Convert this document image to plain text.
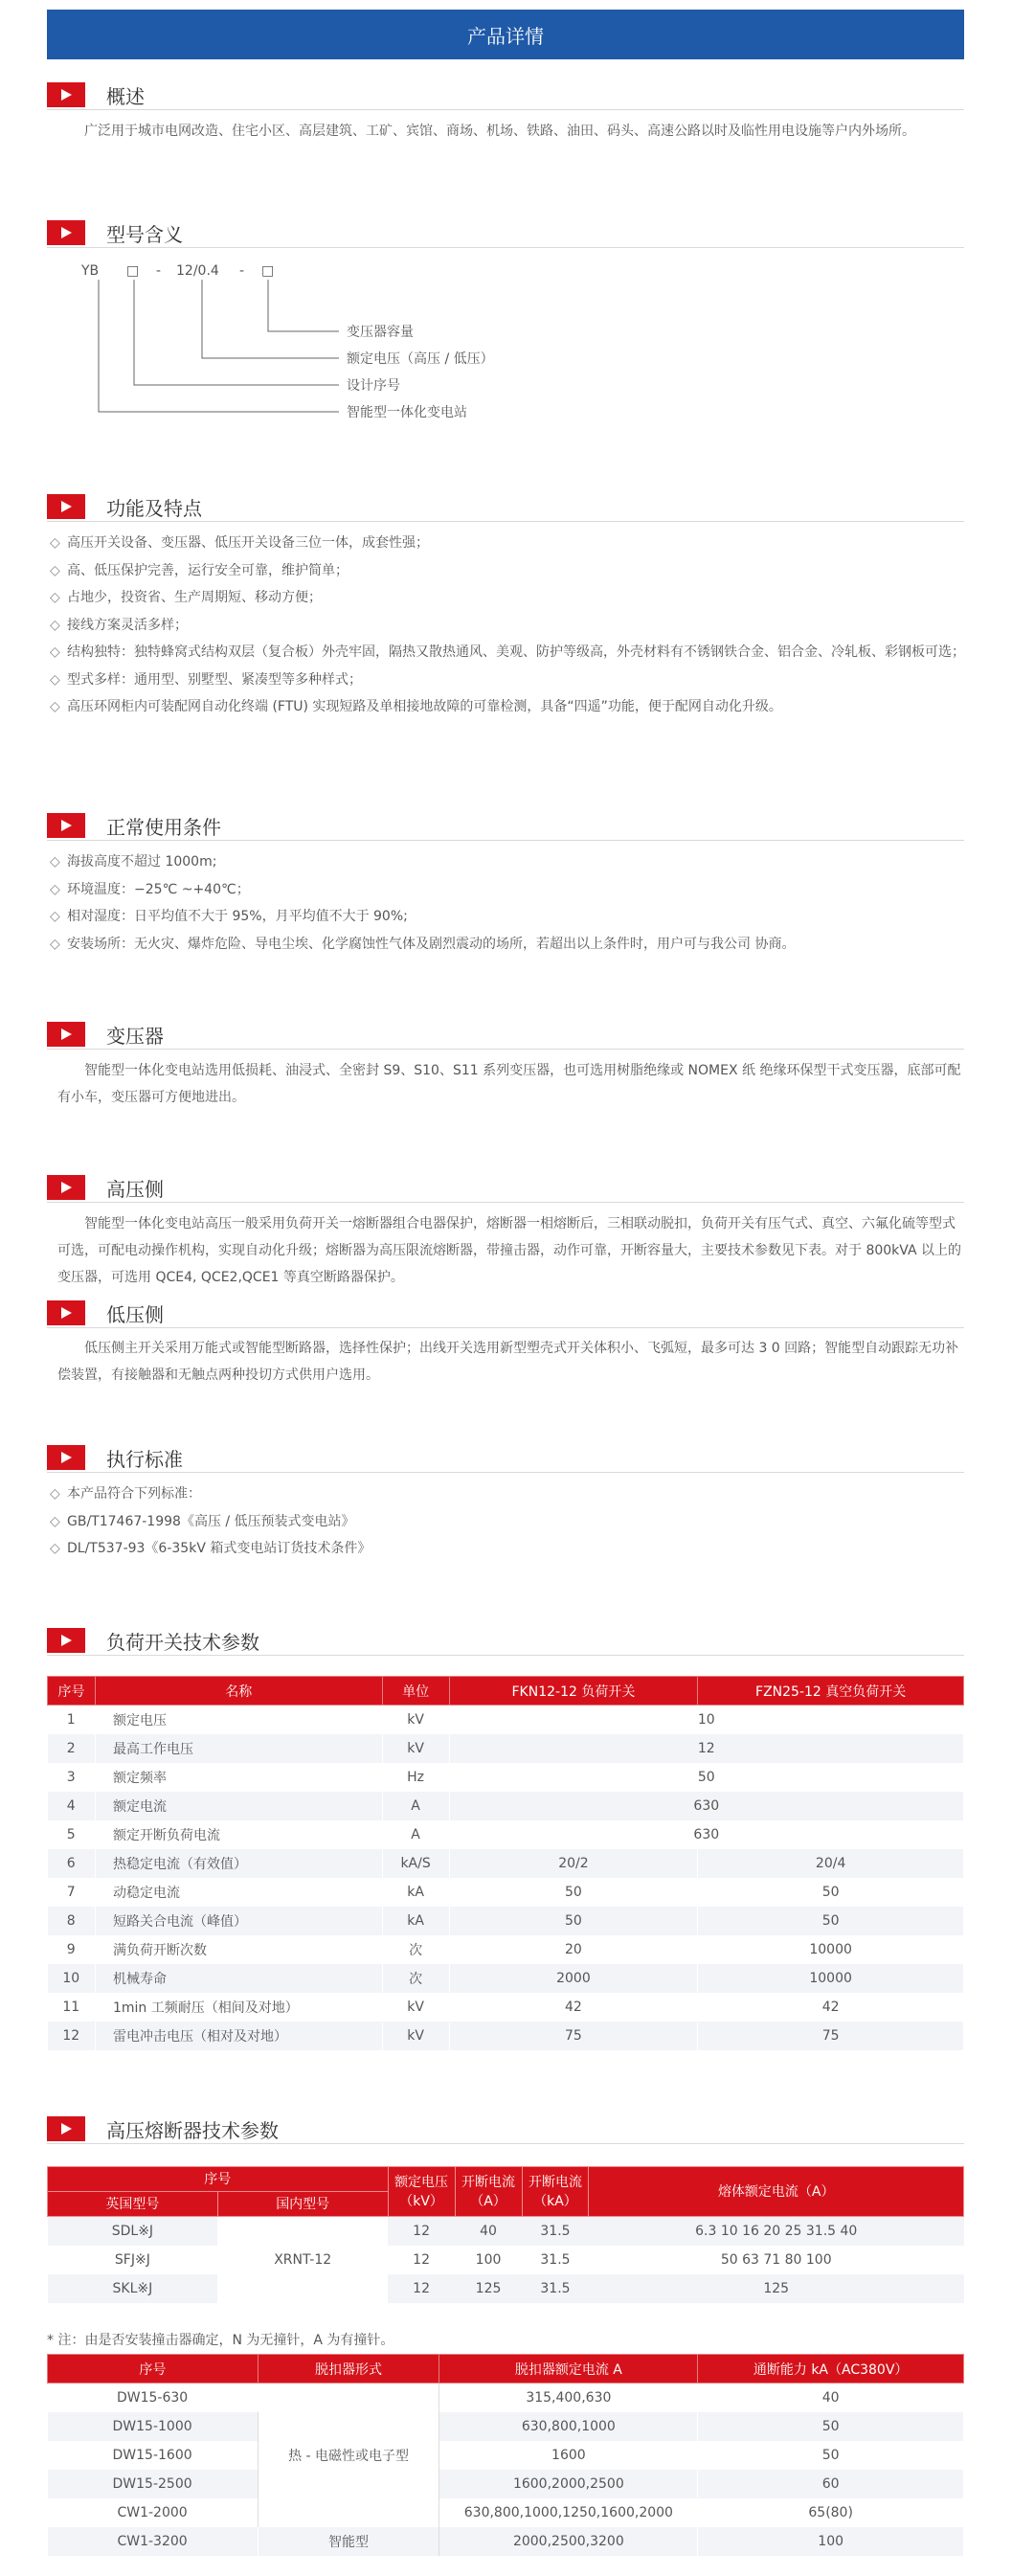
产品详情
概述
广泛用于城市电网改造、住宅小区、高层建筑、工矿、宾馆、商场、机场、铁路、油田、码头、高速公路以时及临性用电设施等户内外场所。
型号含义
YB □ - 12/0.4 - □
变压器容量
额定电压（高压 / 低压）
设计序号
智能型一体化变电站
功能及特点
◇ 高压开关设备、变压器、低压开关设备三位一体，成套性强；
◇ 高、低压保护完善，运行安全可靠，维护简单；
◇ 占地少，投资省、生产周期短、移动方便；
◇ 接线方案灵活多样；
◇ 结构独特：独特蜂窝式结构双层（复合板）外壳牢固，隔热又散热通风、美观、防护等级高，外壳材料有不锈钢铁合金、铝合金、冷轧板、彩钢板可选；
◇ 型式多样：通用型、别墅型、紧凑型等多种样式；
◇ 高压环网柜内可装配网自动化终端 (FTU) 实现短路及单相接地故障的可靠检测，具备“四遥”功能，便于配网自动化升级。
正常使用条件
◇ 海拔高度不超过 1000m;
◇ 环境温度：−25℃ ~+40℃；
◇ 相对湿度：日平均值不大于 95%，月平均值不大于 90%;
◇ 安装场所：无火灾、爆炸危险、导电尘埃、化学腐蚀性气体及剧烈震动的场所，若超出以上条件时，用户可与我公司 协商。
变压器
智能型一体化变电站选用低损耗、油浸式、全密封 S9、S10、S11 系列变压器，也可选用树脂绝缘或 NOMEX 纸 绝缘环保型干式变压器，底部可配有小车，变压器可方便地进出。
高压侧
智能型一体化变电站高压一般采用负荷开关一熔断器组合电器保护，熔断器一相熔断后，三相联动脱扣，负荷开关有压气式、真空、六氟化硫等型式可选，可配电动操作机构，实现自动化升级；熔断器为高压限流熔断器，带撞击器，动作可靠，开断容量大，主要技术参数见下表。对于 800kVA 以上的变压器，可选用 QCE4, QCE2,QCE1 等真空断路器保护。
低压侧
低压侧主开关采用万能式或智能型断路器，选择性保护；出线开关选用新型塑壳式开关体积小、飞弧短，最多可达 3 0 回路；智能型自动跟踪无功补偿装置，有接触器和无触点两种投切方式供用户选用。
执行标准
◇ 本产品符合下列标准：
◇ GB/T17467-1998《高压 / 低压预装式变电站》
◇ DL/T537-93《6-35kV 箱式变电站订货技术条件》
负荷开关技术参数
序号	名称	单位	FKN12-12 负荷开关	FZN25-12 真空负荷开关
1	额定电压	kV	10	
2	最高工作电压	kV	12	
3	额定频率	Hz	50	
4	额定电流	A	630	
5	额定开断负荷电流	A	630	
6	热稳定电流（有效值）	kA/S	20/2	20/4
7	动稳定电流	kA	50	50
8	短路关合电流（峰值）	kA	50	50
9	满负荷开断次数	次	20	10000
10	机械寿命	次	2000	10000
11	1min 工频耐压（相间及对地）	kV	42	42
12	雷电冲击电压（相对及对地）	kV	75	75
高压熔断器技术参数
序号		额定电压（kV）	开断电流（A）	开断电流（kA）	熔体额定电流（A）
英国型号	国内型号				
SDL※J	XRNT-12	12	40	31.5	6.3 10 16 20 25 31.5 40
SFJ※J		12	100	31.5	50 63 71 80 100
SKL※J		12	125	31.5	125
* 注：由是否安装撞击器确定，N 为无撞针，A 为有撞针。
序号	脱扣器形式	脱扣器额定电流 A	通断能力 kA（AC380V）
DW15-630	热 - 电磁性或电子型	315,400,630	40
DW15-1000		630,800,1000	50
DW15-1600		1600	50
DW15-2500		1600,2000,2500	60
CW1-2000		630,800,1000,1250,1600,2000	65(80)
CW1-3200	智能型	2000,2500,3200	100
